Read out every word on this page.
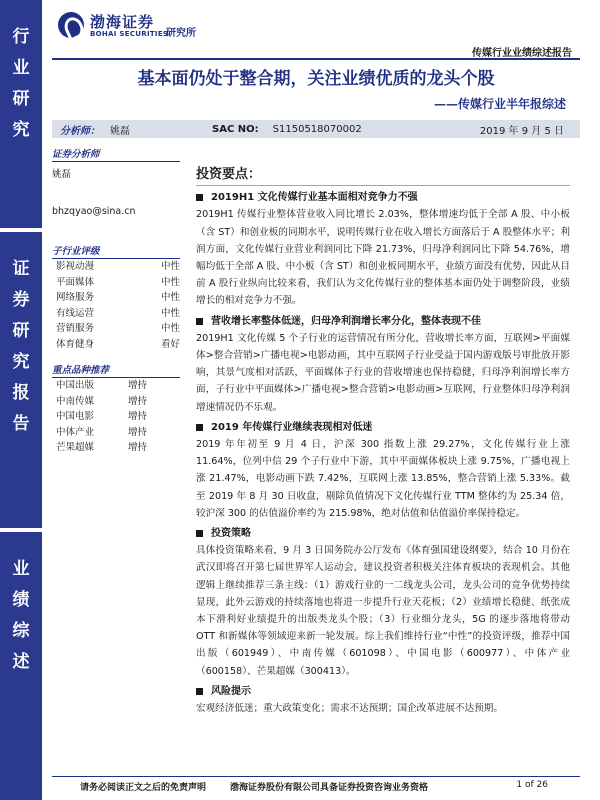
行
业
研
究
证
券
研
究
报
告
业
绩
综
述
渤海证券
BOHAI SECURITIES
研究所
传媒行业业绩综述报告
基本面仍处于整合期，关注业绩优质的龙头个股
——传媒行业半年报综述
分析师： 姚磊	SAC NO: S1150518070002	2019 年 9 月 5 日
证券分析师
姚磊
bhzqyao@sina.cn
子行业评级
影视动漫	中性
平面媒体	中性
网络服务	中性
有线运营	中性
营销服务	中性
体育健身	看好
重点品种推荐
中国出版	增持
中南传媒	增持
中国电影	增持
中体产业	增持
芒果超媒	增持
投资要点：
2019H1 文化传媒行业基本面相对竞争力不强
2019H1 传媒行业整体营业收入同比增长 2.03%，整体增速均低于全部 A 股、中小板（含 ST）和创业板的同期水平，说明传媒行业在收入增长方面落后于 A 股整体水平；利润方面，文化传媒行业营业利润同比下降 21.73%，归母净利润同比下降 54.76%，增幅均低于全部 A 股、中小板（含 ST）和创业板同期水平，业绩方面没有优势，因此从目前 A 股行业纵向比较来看，我们认为文化传媒行业的整体基本面仍处于调整阶段，业绩增长的相对竞争力不强。
营收增长率整体低迷，归母净利润增长率分化，整体表现不佳
2019H1 文化传媒 5 个子行业的运营情况有所分化，营收增长率方面，互联网>平面媒体>整合营销>广播电视>电影动画，其中互联网子行业受益于国内游戏版号审批放开影响，其景气度相对活跃，平面媒体子行业的营收增速也保持稳健，归母净利润增长率方面，子行业中平面媒体>广播电视>整合营销>电影动画>互联网，行业整体归母净利润增速情况仍不乐观。
2019 年传媒行业继续表现相对低迷
2019 年年初至 9 月 4 日，沪深 300 指数上涨 29.27%，文化传媒行业上涨 11.64%，位列中信 29 个子行业中下游，其中平面媒体板块上涨 9.75%，广播电视上涨 21.47%，电影动画下跌 7.42%，互联网上涨 13.85%，整合营销上涨 5.33%。截至 2019 年 8 月 30 日收盘，剔除负值情况下文化传媒行业 TTM 整体约为 25.34 倍，较沪深 300 的估值溢价率约为 215.98%，绝对估值和估值溢价率保持稳定。
投资策略
具体投资策略来看，9 月 3 日国务院办公厅发布《体育强国建设纲要》，结合 10 月份在武汉即将召开第七届世界军人运动会，建议投资者积极关注体育板块的表现机会。其他逻辑上继续推荐三条主线：（1）游戏行业的一二线龙头公司，龙头公司的竞争优势持续显现，此外云游戏的持续落地也将进一步提升行业天花板；（2）业绩增长稳健、纸张成本下滑利好业绩提升的出版类龙头个股；（3）行业细分龙头，5G 的逐步落地将带动 OTT 和新媒体等领域迎来新一轮发展。综上我们维持行业“中性”的投资评级，推荐中国出版（601949）、中南传媒（601098）、中国电影（600977）、中体产业（600158）、芒果超媒（300413）。
风险提示
宏观经济低迷；重大政策变化；需求不达预期；国企改革进展不达预期。
请务必阅读正文之后的免责声明	渤海证券股份有限公司具备证券投资咨询业务资格	1 of 26
